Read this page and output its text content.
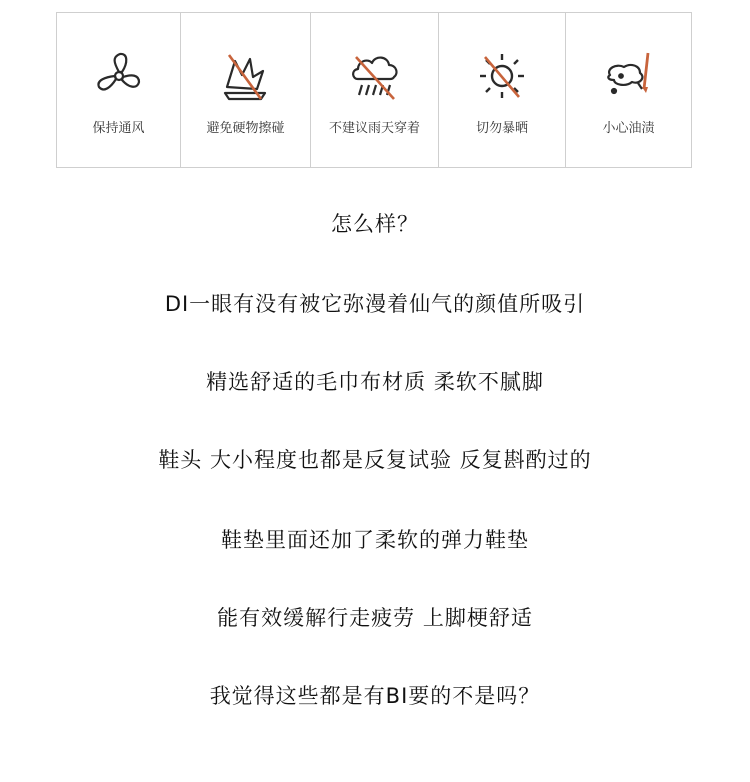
保持通风	避免硬物擦碰	不建议雨天穿着	切勿暴晒	小心油渍
怎么样？
DI一眼有没有被它弥漫着仙气的颜值所吸引
精选舒适的毛巾布材质 柔软不腻脚
鞋头 大小程度也都是反复试验 反复斟酌过的
鞋垫里面还加了柔软的弹力鞋垫
能有效缓解行走疲劳 上脚梗舒适
我觉得这些都是有BI要的不是吗？
